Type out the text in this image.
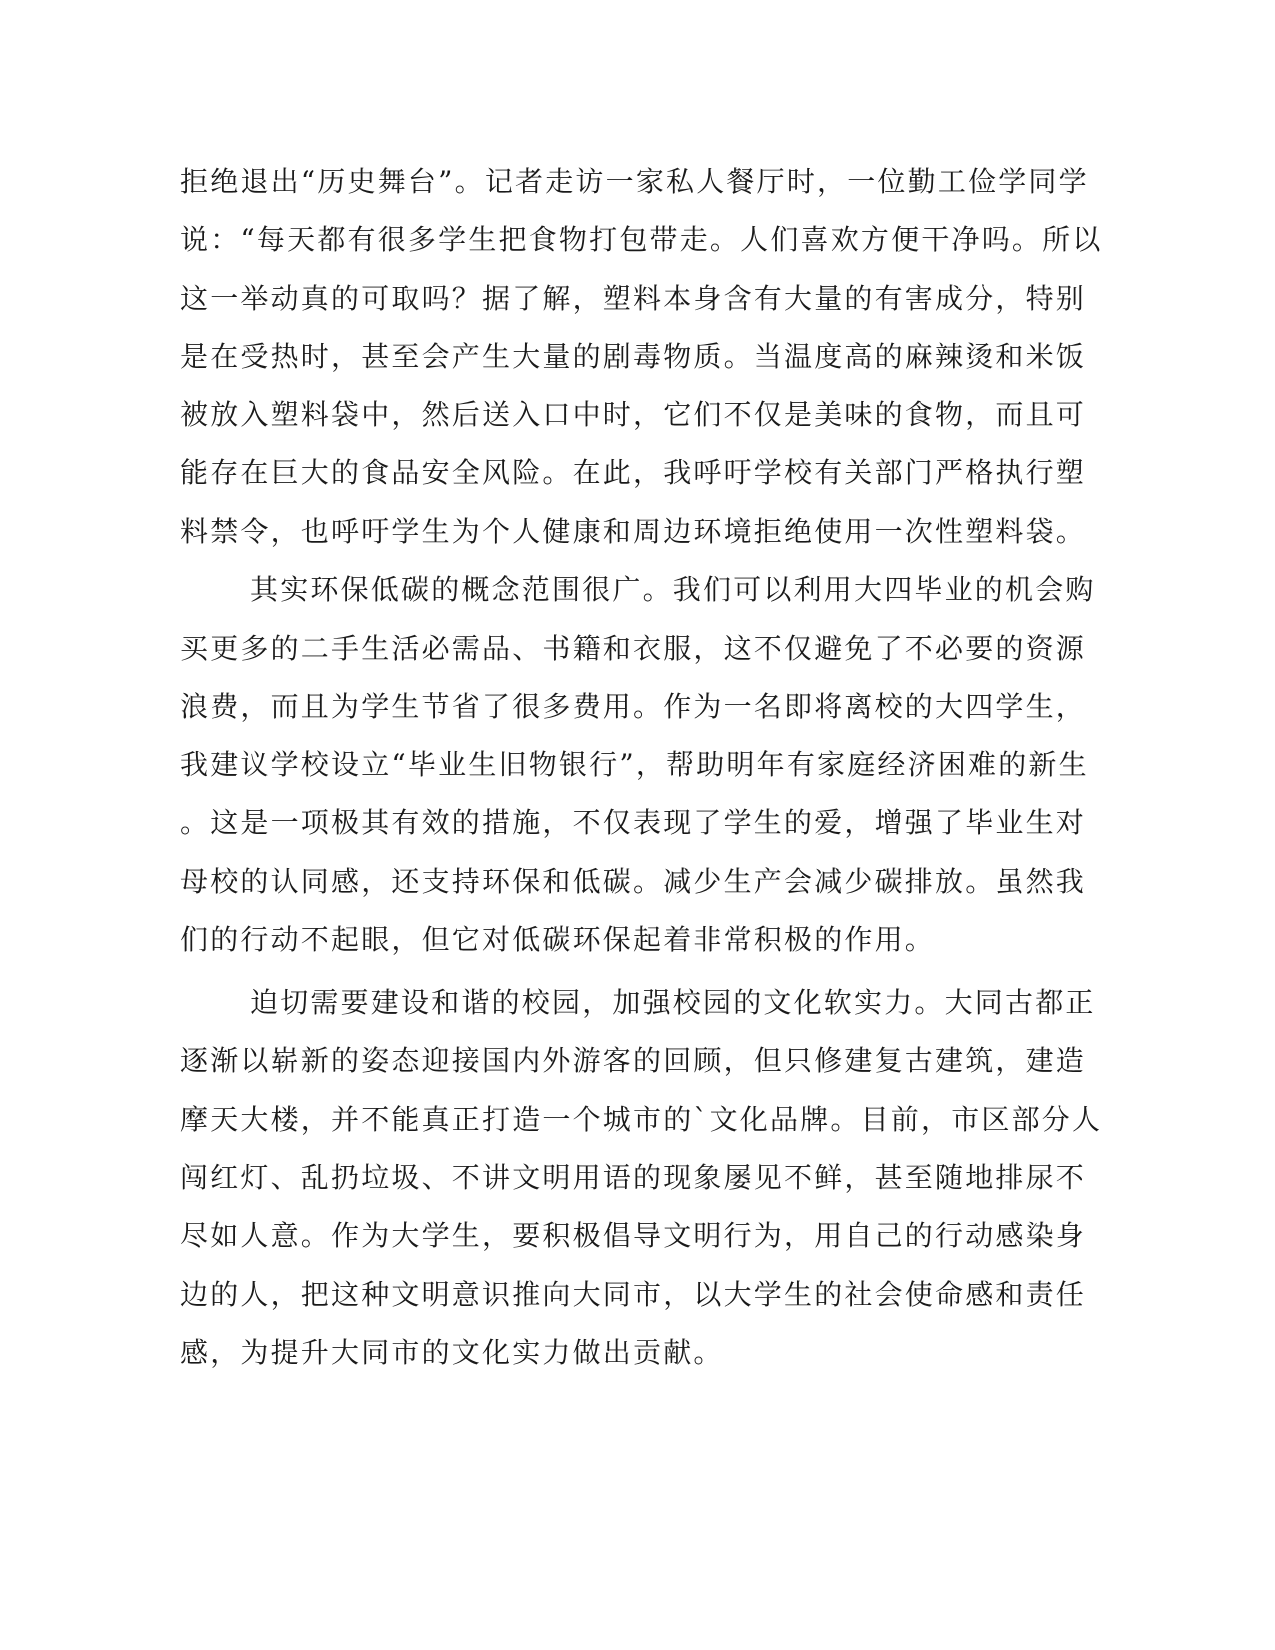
拒绝退出“历史舞台”。记者走访一家私人餐厅时，一位勤工俭学同学
说：“每天都有很多学生把食物打包带走。人们喜欢方便干净吗。所以
这一举动真的可取吗？据了解，塑料本身含有大量的有害成分，特别
是在受热时，甚至会产生大量的剧毒物质。当温度高的麻辣烫和米饭
被放入塑料袋中，然后送入口中时，它们不仅是美味的食物，而且可
能存在巨大的食品安全风险。在此，我呼吁学校有关部门严格执行塑
料禁令，也呼吁学生为个人健康和周边环境拒绝使用一次性塑料袋。
其实环保低碳的概念范围很广。我们可以利用大四毕业的机会购
买更多的二手生活必需品、书籍和衣服，这不仅避免了不必要的资源
浪费，而且为学生节省了很多费用。作为一名即将离校的大四学生，
我建议学校设立“毕业生旧物银行”，帮助明年有家庭经济困难的新生
。这是一项极其有效的措施，不仅表现了学生的爱，增强了毕业生对
母校的认同感，还支持环保和低碳。减少生产会减少碳排放。虽然我
们的行动不起眼，但它对低碳环保起着非常积极的作用。
迫切需要建设和谐的校园，加强校园的文化软实力。大同古都正
逐渐以崭新的姿态迎接国内外游客的回顾，但只修建复古建筑，建造
摩天大楼，并不能真正打造一个城市的`文化品牌。目前，市区部分人
闯红灯、乱扔垃圾、不讲文明用语的现象屡见不鲜，甚至随地排尿不
尽如人意。作为大学生，要积极倡导文明行为，用自己的行动感染身
边的人，把这种文明意识推向大同市，以大学生的社会使命感和责任
感，为提升大同市的文化实力做出贡献。
